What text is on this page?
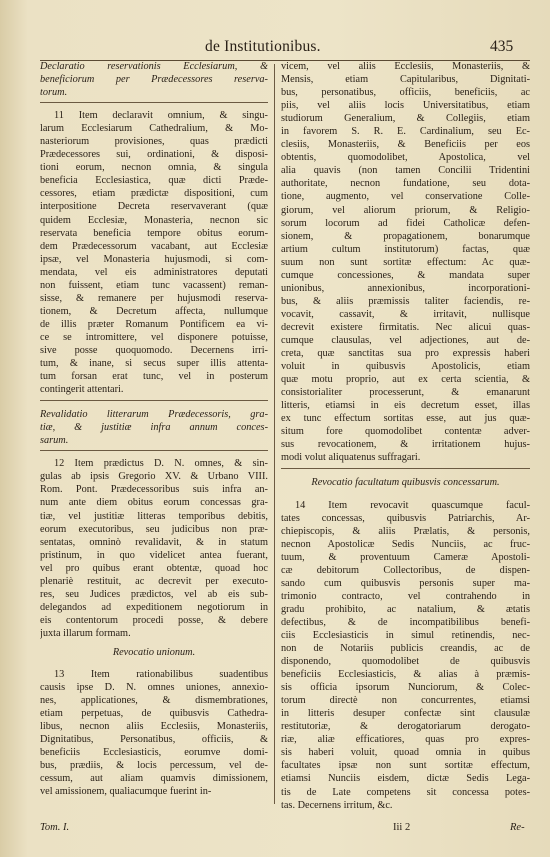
de Institutionibus.	435
Declaratio reservationis Ecclesiarum, &
beneficiorum per Prædecessores reserva-
torum.
11 Item declaravit omnium, & singu-
larum Ecclesiarum Cathedralium, & Mo-
nasteriorum provisiones, quas prædicti
Prædecessores sui, ordinationi, & disposi-
tioni eorum, necnon omnia, & singula
beneficia Ecclesiastica, quæ dicti Præde-
cessores, etiam prædictæ dispositioni, cum
interpositione Decreta reservaverant (quæ
quidem Ecclesiæ, Monasteria, necnon sic
reservata beneficia tempore obitus eorum-
dem Prædecessorum vacabant, aut Ecclesiæ
ipsæ, vel Monasteria hujusmodi, si com-
mendata, vel eis administratores deputati
non fuissent, etiam tunc vacassent) reman-
sisse, & remanere per hujusmodi reserva-
tionem, & Decretum affecta, nullumque
de illis præter Romanum Pontificem ea vi-
ce se intromittere, vel disponere potuisse,
sive posse quoquomodo. Decernens irri-
tum, & inane, si secus super illis attenta-
tum forsan erat tunc, vel in posterum
contingerit attentari.
Revalidatio litterarum Prædecessoris, gra-
tiæ, & justitiæ infra annum conces-
sarum.
12 Item prædictus D. N. omnes, & sin-
gulas ab ipsis Gregorio XV. & Urbano VIII.
Rom. Pont. Prædecessoribus suis infra an-
num ante diem obitus eorum concessas gra-
tiæ, vel justitiæ litteras temporibus debitis,
eorum executoribus, seu judicibus non præ-
sentatas, omninò revalidavit, & in statum
pristinum, in quo videlicet antea fuerant,
vel pro quibus erant obtentæ, quoad hoc
plenariè restituit, ac decrevit per executo-
res, seu Judices prædictos, vel ab eis sub-
delegandos ad expeditionem negotiorum in
eis contentorum procedi posse, & debere
juxta illarum formam.
Revocatio unionum.
13 Item rationabilibus suadentibus
causis ipse D. N. omnes uniones, annexio-
nes, applicationes, & dismembrationes,
etiam perpetuas, de quibusvis Cathedra-
libus, necnon aliis Ecclesiis, Monasteriis,
Dignitatibus, Personatibus, officiis, &
beneficiis Ecclesiasticis, eorumve domi-
bus, prædiis, & locis percessum, vel de-
cessum, aut aliam quamvis dimissionem,
vel amissionem, qualiacumque fuerint in-
vicem, vel aliis Ecclesiis, Monasteriis, &
Mensis, etiam Capitularibus, Dignitati-
bus, personatibus, officiis, beneficiis, ac
piis, vel aliis locis Universitatibus, etiam
studiorum Generalium, & Collegiis, etiam
in favorem S. R. E. Cardinalium, seu Ec-
clesiis, Monasteriis, & Beneficiis per eos
obtentis, quomodolibet, Apostolica, vel
alia quavis (non tamen Concilii Tridentini
authoritate, necnon fundatione, seu dota-
tione, augmento, vel conservatione Colle-
giorum, vel aliorum priorum, & Religio-
sorum locorum ad fidei Catholicæ defen-
sionem, & propagationem, bonarumque
artium cultum institutorum) factas, quæ
suum non sunt sortitæ effectum: Ac quæ-
cumque concessiones, & mandata super
unionibus, annexionibus, incorporationi-
bus, & aliis præmissis taliter faciendis, re-
vocavit, cassavit, & irritavit, nullisque
decrevit existere firmitatis. Nec alicui quas-
cumque clausulas, vel adjectiones, aut de-
creta, quæ sanctitas sua pro expressis haberi
voluit in quibusvis Apostolicis, etiam
quæ motu proprio, aut ex certa scientia, &
consistorialiter processerunt, & emanarunt
litteris, etiamsi in eis decretum esset, illas
ex tunc effectum sortitas esse, aut jus quæ-
situm fore quomodolibet contentæ adver-
sus revocationem, & irritationem hujus-
modi volut aliquatenus suffragari.
Revocatio facultatum quibusvis concessarum.
14 Item revocavit quascumque facul-
tates concessas, quibusvis Patriarchis, Ar-
chiepiscopis, & aliis Prælatis, & personis,
necnon Apostolicæ Sedis Nunciis, ac fruc-
tuum, & proventuum Cameræ Apostoli-
cæ debitorum Collectoribus, de dispen-
sando cum quibusvis personis super ma-
trimonio contracto, vel contrahendo in
gradu prohibito, ac natalium, & ætatis
defectibus, & de incompatibilibus benefi-
ciis Ecclesiasticis in simul retinendis, nec-
non de Notariis publicis creandis, ac de
disponendo, quomodolibet de quibusvis
beneficiis Ecclesiasticis, & alias à præmis-
sis officia ipsorum Nunciorum, & Colec-
torum directè non concurrentes, etiamsi
in litteris desuper confectæ sint clausulæ
restitutoriæ, & derogatoriarum derogato-
riæ, aliæ efficatiores, quas pro expres-
sis haberi voluit, quoad omnia in quibus
facultates ipsæ non sunt sortitæ effectum,
etiamsi Nunciis eisdem, dictæ Sedis Lega-
tis de Late competens sit concessa potes-
tas. Decernens irritum, &c.
Tom. I.	Iii 2	Re-
